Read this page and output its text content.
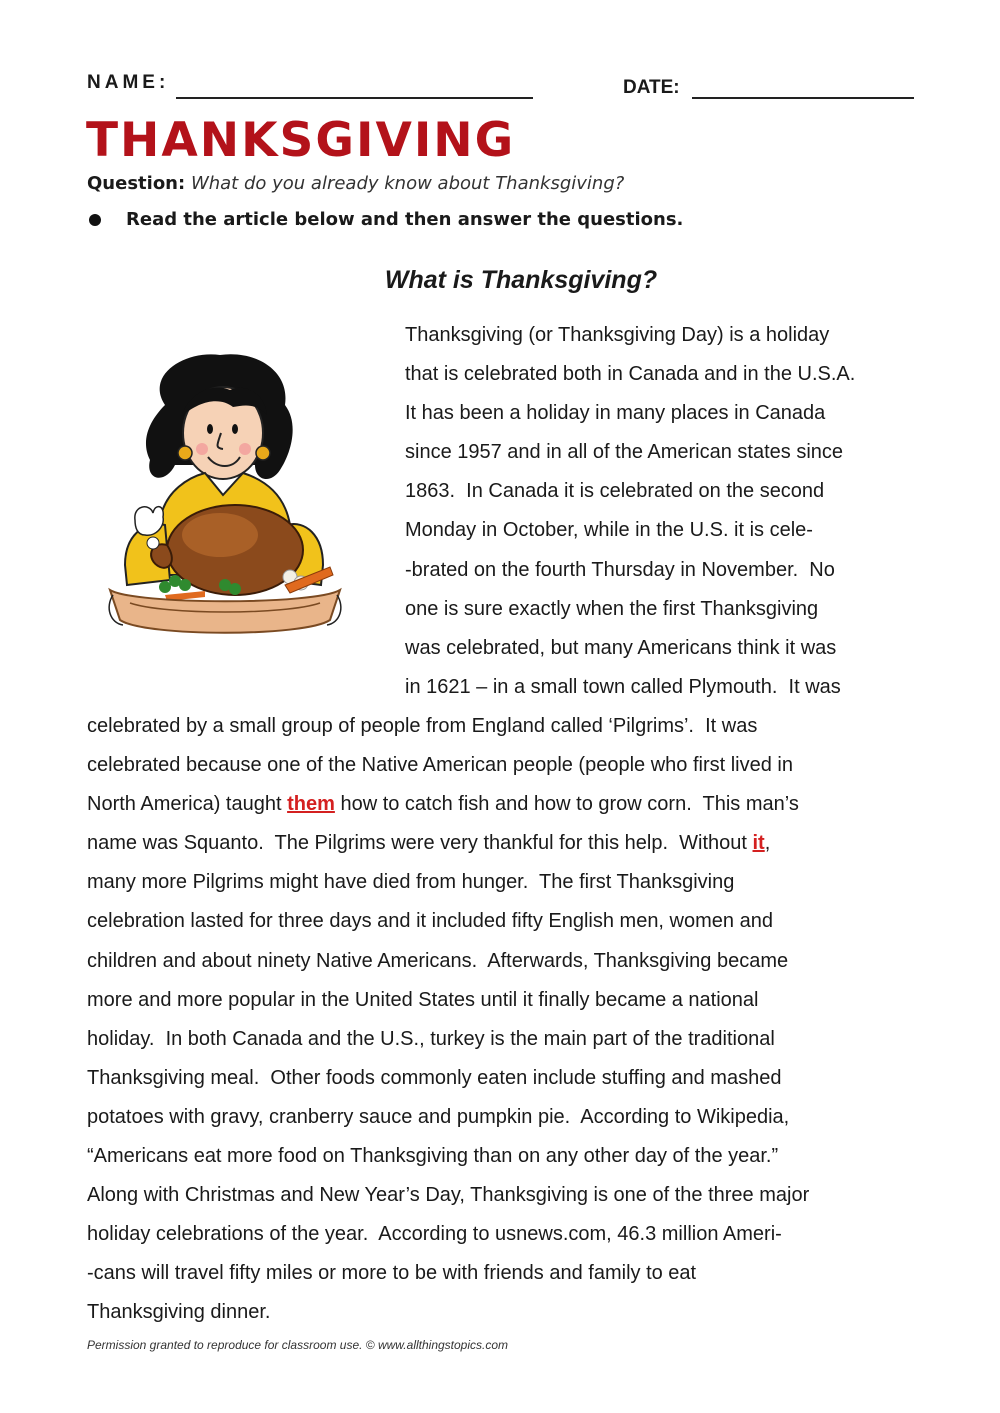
NAME:	DATE:
THANKSGIVING
Question: What do you already know about Thanksgiving?
Read the article below and then answer the questions.
What is Thanksgiving?
Thanksgiving (or Thanksgiving Day) is a holiday
that is celebrated both in Canada and in the U.S.A.
It has been a holiday in many places in Canada
since 1957 and in all of the American states since
1863.  In Canada it is celebrated on the second
Monday in October, while in the U.S. it is cele-
-brated on the fourth Thursday in November.  No
one is sure exactly when the first Thanksgiving
was celebrated, but many Americans think it was
in 1621 – in a small town called Plymouth.  It was
celebrated by a small group of people from England called ‘Pilgrims’.  It was
celebrated because one of the Native American people (people who first lived in
North America) taught them how to catch fish and how to grow corn.  This man’s
name was Squanto.  The Pilgrims were very thankful for this help.  Without it,
many more Pilgrims might have died from hunger.  The first Thanksgiving
celebration lasted for three days and it included fifty English men, women and
children and about ninety Native Americans.  Afterwards, Thanksgiving became
more and more popular in the United States until it finally became a national
holiday.  In both Canada and the U.S., turkey is the main part of the traditional
Thanksgiving meal.  Other foods commonly eaten include stuffing and mashed
potatoes with gravy, cranberry sauce and pumpkin pie.  According to Wikipedia,
“Americans eat more food on Thanksgiving than on any other day of the year.”
Along with Christmas and New Year’s Day, Thanksgiving is one of the three major
holiday celebrations of the year.  According to usnews.com, 46.3 million Ameri-
-cans will travel fifty miles or more to be with friends and family to eat
Thanksgiving dinner.
Permission granted to reproduce for classroom use. © www.allthingstopics.com
